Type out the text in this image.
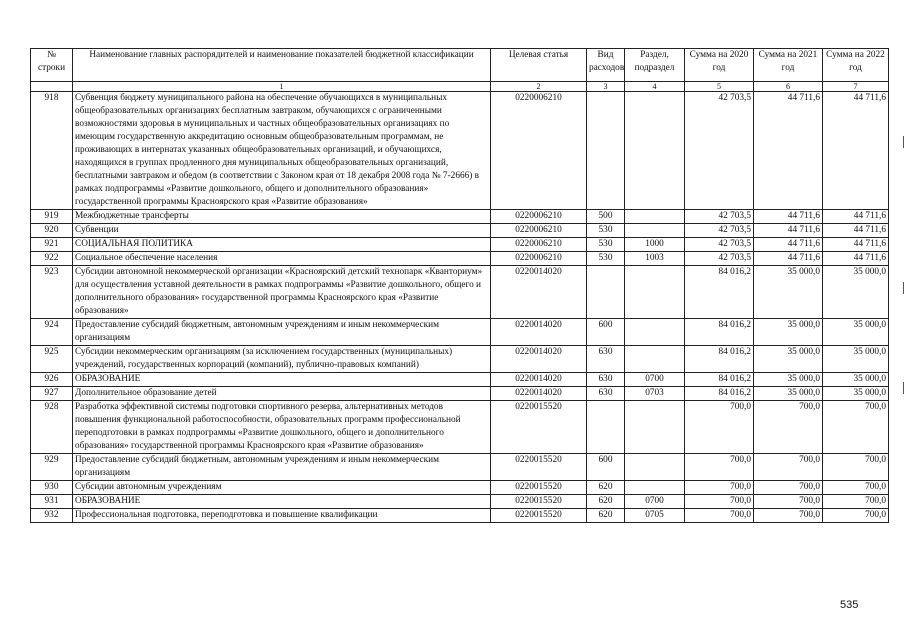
№ строки	Наименование главных распорядителей и наименование показателей бюджетной классификации	Целевая статья	Вид расходов	Раздел, подраздел	Сумма на 2020 год	Сумма на 2021 год	Сумма на 2022 год
	1	2	3	4	5	6	7
918	Субвенция бюджету муниципального района на обеспечение обучающихся в муниципальных общеобразовательных организациях бесплатным завтраком, обучающихся с ограниченными возможностями здоровья в муниципальных и частных общеобразовательных организациях по имеющим государственную аккредитацию основным общеобразовательным программам, не проживающих в интернатах указанных общеобразовательных организаций, и обучающихся, находящихся в группах продленного дня муниципальных общеобразовательных организаций, бесплатными завтраком и обедом (в соответствии с Законом края от 18 декабря 2008 года № 7-2666) в рамках подпрограммы «Развитие дошкольного, общего и дополнительного образования» государственной программы Красноярского края «Развитие образования»	0220006210			42 703,5	44 711,6	44 711,6
919	Межбюджетные трансферты	0220006210	500		42 703,5	44 711,6	44 711,6
920	Субвенции	0220006210	530		42 703,5	44 711,6	44 711,6
921	СОЦИАЛЬНАЯ ПОЛИТИКА	0220006210	530	1000	42 703,5	44 711,6	44 711,6
922	Социальное обеспечение населения	0220006210	530	1003	42 703,5	44 711,6	44 711,6
923	Субсидии автономной некоммерческой организации «Красноярский детский технопарк «Кванториум» для осуществления уставной деятельности в рамках подпрограммы «Развитие дошкольного, общего и дополнительного образования» государственной программы Красноярского края «Развитие образования»	0220014020			84 016,2	35 000,0	35 000,0
924	Предоставление субсидий бюджетным, автономным учреждениям и иным некоммерческим организациям	0220014020	600		84 016,2	35 000,0	35 000,0
925	Субсидии некоммерческим организациям (за исключением государственных (муниципальных) учреждений, государственных корпораций (компаний), публично-правовых компаний)	0220014020	630		84 016,2	35 000,0	35 000,0
926	ОБРАЗОВАНИЕ	0220014020	630	0700	84 016,2	35 000,0	35 000,0
927	Дополнительное образование детей	0220014020	630	0703	84 016,2	35 000,0	35 000,0
928	Разработка эффективной системы подготовки спортивного резерва, альтернативных методов повышения функциональной работоспособности, образовательных программ профессиональной переподготовки в рамках подпрограммы «Развитие дошкольного, общего и дополнительного образования» государственной программы Красноярского края «Развитие образования»	0220015520			700,0	700,0	700,0
929	Предоставление субсидий бюджетным, автономным учреждениям и иным некоммерческим организациям	0220015520	600		700,0	700,0	700,0
930	Субсидии автономным учреждениям	0220015520	620		700,0	700,0	700,0
931	ОБРАЗОВАНИЕ	0220015520	620	0700	700,0	700,0	700,0
932	Профессиональная подготовка, переподготовка и повышение квалификации	0220015520	620	0705	700,0	700,0	700,0
535
